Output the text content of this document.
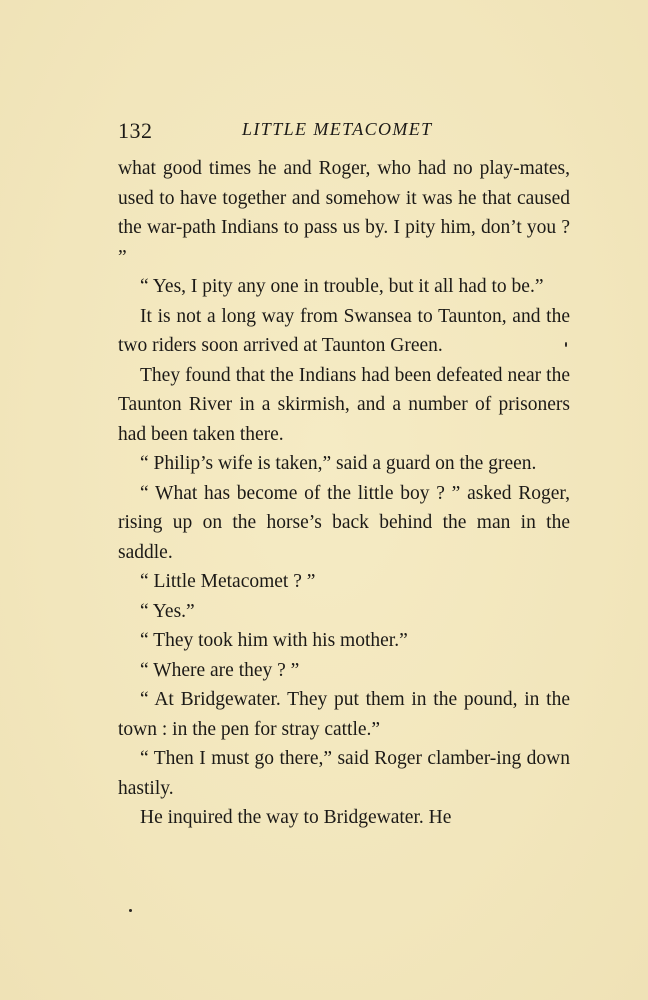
132	LITTLE METACOMET

what good times he and Roger, who had no play-mates, used to have together and somehow it was he that caused the war-path Indians to pass us by. I pity him, don’t you ? ”

“ Yes, I pity any one in trouble, but it all had to be.”

It is not a long way from Swansea to Taunton, and the two riders soon arrived at Taunton Green.

They found that the Indians had been defeated near the Taunton River in a skirmish, and a number of prisoners had been taken there.

“ Philip’s wife is taken,” said a guard on the green.

“ What has become of the little boy ? ” asked Roger, rising up on the horse’s back behind the man in the saddle.

“ Little Metacomet ? ”

“ Yes.”

“ They took him with his mother.”

“ Where are they ? ”

“ At Bridgewater. They put them in the pound, in the town : in the pen for stray cattle.”

“ Then I must go there,” said Roger clamber-ing down hastily.

He inquired the way to Bridgewater. He
